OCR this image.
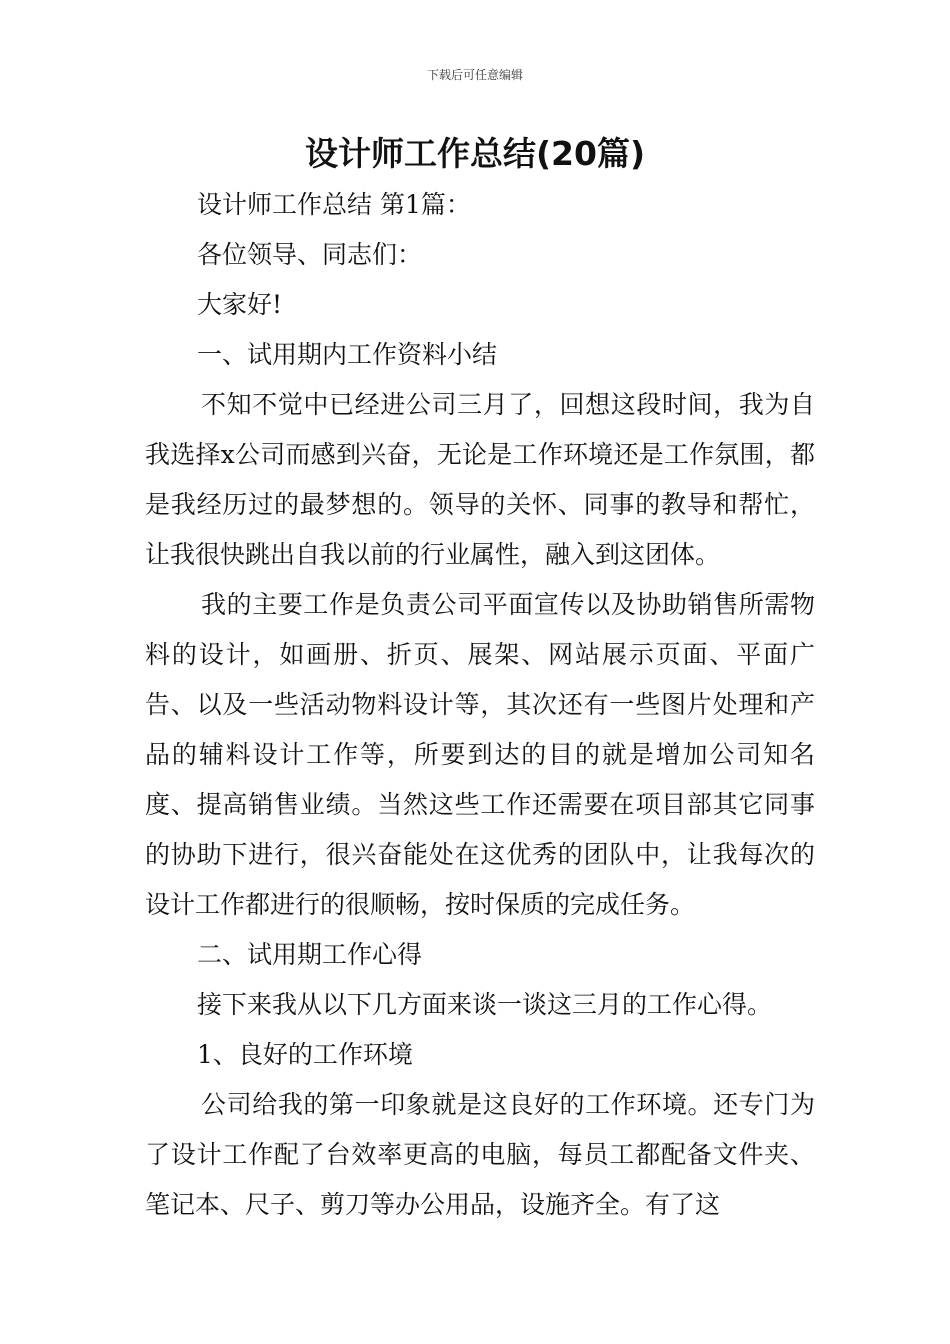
下载后可任意编辑
设计师工作总结(20篇)

设计师工作总结 第1篇：

各位领导、同志们：

大家好!

一、试用期内工作资料小结

不知不觉中已经进公司三月了，回想这段时间，我为自我选择x公司而感到兴奋，无论是工作环境还是工作氛围，都是我经历过的最梦想的。领导的关怀、同事的教导和帮忙，让我很快跳出自我以前的行业属性，融入到这团体。

我的主要工作是负责公司平面宣传以及协助销售所需物料的设计，如画册、折页、展架、网站展示页面、平面广告、以及一些活动物料设计等，其次还有一些图片处理和产品的辅料设计工作等，所要到达的目的就是增加公司知名度、提高销售业绩。当然这些工作还需要在项目部其它同事的协助下进行，很兴奋能处在这优秀的团队中，让我每次的设计工作都进行的很顺畅，按时保质的完成任务。

二、试用期工作心得

接下来我从以下几方面来谈一谈这三月的工作心得。

1、良好的工作环境

公司给我的第一印象就是这良好的工作环境。还专门为了设计工作配了台效率更高的电脑，每员工都配备文件夹、笔记本、尺子、剪刀等办公用品，设施齐全。有了这
